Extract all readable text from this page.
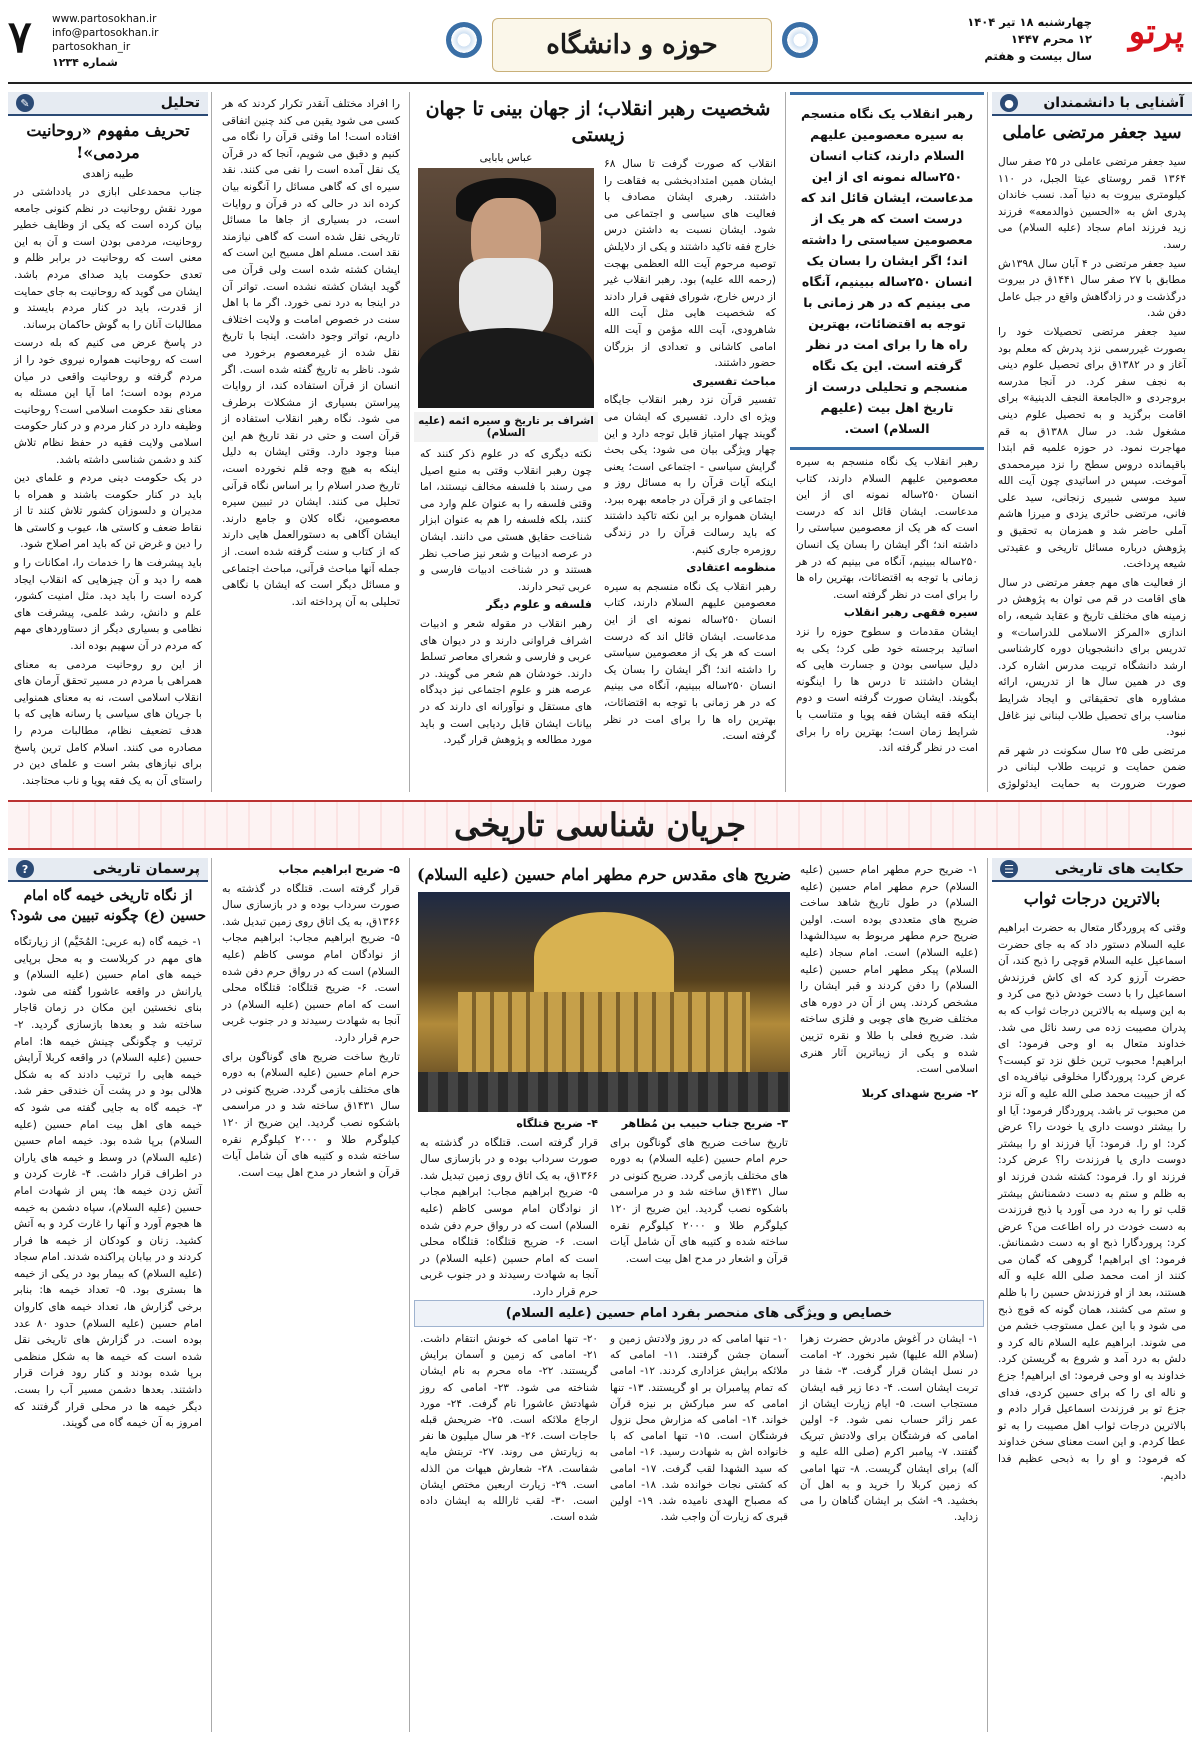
پرتو
چهارشنبه ۱۸ تیر ۱۴۰۴
۱۲ محرم ۱۴۴۷
سال بیست و هفتم
حوزه و دانشگاه
www.partosokhan.ir
info@partosokhan.ir
partosokhan_ir
شماره ۱۲۳۴
۷
آشنایی با دانشمندان
●
سید جعفر مرتضی عاملی

سید جعفر مرتضی عاملی در ۲۵ صفر سال ۱۳۶۴ قمر روستای عیتا الجبل، در ۱۱۰ کیلومتری بیروت به دنیا آمد. نسب خاندان پدری اش به «الحسین ذوالدمعه» فرزند زید فرزند امام سجاد (علیه السلام) می رسد.

سید جعفر مرتضی در ۴ آبان سال ۱۳۹۸ش مطابق با ۲۷ صفر سال ۱۴۴۱ق در بیروت درگذشت و در زادگاهش واقع در جبل عامل دفن شد.

سید جعفر مرتضی تحصیلات خود را بصورت غیررسمی نزد پدرش که معلم بود آغاز و در ۱۳۸۲ق برای تحصیل علوم دینی به نجف سفر کرد. در آنجا مدرسه بروجردی و «الجامعة النجف الدینیة» برای اقامت برگزید و به تحصیل علوم دینی مشغول شد. در سال ۱۳۸۸ق به قم مهاجرت نمود. در حوزه علمیه قم ابتدا باقیمانده دروس سطح را نزد میرمحمدی آموخت. سپس در اساتیدی چون آیت الله سید موسی شبیری زنجانی، سید علی فانی، مرتضی حائری یزدی و میرزا هاشم آملی حاضر شد و همزمان به تحقیق و پژوهش درباره مسائل تاریخی و عقیدتی شیعه پرداخت.

از فعالیت های مهم جعفر مرتضی در سال های اقامت در قم می توان به پژوهش در زمینه های مختلف تاریخ و عقاید شیعه، راه اندازی «المرکز الاسلامی للدراسات» و تدریس برای دانشجویان دوره کارشناسی ارشد دانشگاه تربیت مدرس اشاره کرد. وی در همین سال ها از تدریس، ارائه مشاوره های تحقیقاتی و ایجاد شرایط مناسب برای تحصیل طلاب لبنانی نیز غافل نبود.

مرتضی طی ۲۵ سال سکونت در شهر قم ضمن حمایت و تربیت طلاب لبنانی در صورت ضرورت به حمایت ایدئولوژی

رهبر انقلاب یک نگاه منسجم به سیره معصومین علیهم السلام دارند، کتاب انسان ۲۵۰ساله نمونه ای از این مدعاست، ایشان قائل اند که درست است که هر یک از معصومین سیاستی را داشته اند؛ اگر ایشان را بسان یک انسان ۲۵۰ساله ببینیم، آنگاه می بینیم که در هر زمانی با توجه به اقتضائات، بهترین راه ها را برای امت در نظر گرفته است. این یک نگاه منسجم و تحلیلی درست از تاریخ اهل بیت (علیهم السلام) است.

رهبر انقلاب یک نگاه منسجم به سیره معصومین علیهم السلام دارند، کتاب انسان ۲۵۰ساله نمونه ای از این مدعاست. ایشان قائل اند که درست است که هر یک از معصومین سیاستی را داشته اند؛ اگر ایشان را بسان یک انسان ۲۵۰ساله ببینیم، آنگاه می بینیم که در هر زمانی با توجه به اقتضائات، بهترین راه ها را برای امت در نظر گرفته است.

سیره فقهی رهبر انقلاب

ایشان مقدمات و سطوح حوزه را نزد اساتید برجسته خود طی کرد؛ یکی به دلیل سیاسی بودن و جسارت هایی که ایشان داشتند تا درس ها را اینگونه بگویند. ایشان صورت گرفته است و دوم اینکه فقه ایشان فقه پویا و متناسب با شرایط زمان است؛ بهترین راه را برای امت در نظر گرفته اند.

شخصیت رهبر انقلاب؛ از جهان بینی تا جهان زیستی

انقلاب که صورت گرفت تا سال ۶۸ ایشان همین امتدادبخشی به فقاهت را داشتند. رهبری ایشان مصادف با فعالیت های سیاسی و اجتماعی می شود. ایشان نسبت به داشتن درس خارج فقه تاکید داشتند و یکی از دلایلش توصیه مرحوم آیت الله العظمی بهجت (رحمه الله علیه) بود. رهبر انقلاب غیر از درس خارج، شورای فقهی قرار دادند که شخصیت هایی مثل آیت الله شاهرودی، آیت الله مؤمن و آیت الله امامی کاشانی و تعدادی از بزرگان حضور داشتند.

مباحث تفسیری

تفسیر قرآن نزد رهبر انقلاب جایگاه ویژه ای دارد. تفسیری که ایشان می گویند چهار امتیاز قابل توجه دارد و این چهار ویژگی بیان می شود: یکی بحث گرایش سیاسی - اجتماعی است؛ یعنی اینکه آیات قرآن را به مسائل روز و اجتماعی و از قرآن در جامعه بهره ببرد. ایشان همواره بر این نکته تاکید داشتند که باید رسالت قرآن را در زندگی روزمره جاری کنیم.

منظومه اعتقادی

رهبر انقلاب یک نگاه منسجم به سیره معصومین علیهم السلام دارند، کتاب انسان ۲۵۰ساله نمونه ای از این مدعاست. ایشان قائل اند که درست است که هر یک از معصومین سیاستی را داشته اند؛ اگر ایشان را بسان یک انسان ۲۵۰ساله ببینیم، آنگاه می بینیم که در هر زمانی با توجه به اقتضائات، بهترین راه ها را برای امت در نظر گرفته است.

عباس بابایی
اشراف بر تاریخ و سیره ائمه (علیه السلام)

نکته دیگری که در علوم ذکر کنند که چون رهبر انقلاب وقتی به منبع اصیل می رسند با فلسفه مخالف نیستند، اما وقتی فلسفه را به عنوان علم وارد می کنند، بلکه فلسفه را هم به عنوان ابزار شناخت حقایق هستی می دانند. ایشان در عرصه ادبیات و شعر نیز صاحب نظر هستند و در شناخت ادبیات فارسی و عربی تبحر دارند.

فلسفه و علوم دیگر

رهبر انقلاب در مقوله شعر و ادبیات اشراف فراوانی دارند و در دیوان های عربی و فارسی و شعرای معاصر تسلط دارند. خودشان هم شعر می گویند. در عرصه هنر و علوم اجتماعی نیز دیدگاه های مستقل و نوآورانه ای دارند که در بیانات ایشان قابل ردیابی است و باید مورد مطالعه و پژوهش قرار گیرد.

را افراد مختلف آنقدر تکرار کردند که هر کسی می شود یقین می کند چنین اتفاقی افتاده است! اما وقتی قرآن را نگاه می کنیم و دقیق می شویم، آنجا که در قرآن یک نقل آمده است را نفی می کنند. نقد سیره ای که گاهی مسائل را آنگونه بیان کرده اند در حالی که در قرآن و روایات است، در بسیاری از جاها ما مسائل تاریخی نقل شده است که گاهی نیازمند نقد است. مسلم اهل مسیح این است که ایشان کشته شده است ولی قرآن می گوید ایشان کشته نشده است. تواتر آن در اینجا به درد نمی خورد. اگر ما با اهل سنت در خصوص امامت و ولایت اختلاف داریم، تواتر وجود داشت. اینجا با تاریخ نقل شده از غیرمعصوم برخورد می شود. ناظر به تاریخ گفته شده است. اگر انسان از قرآن استفاده کند، از روایات پیراستن بسیاری از مشکلات برطرف می شود. نگاه رهبر انقلاب استفاده از قرآن است و حتی در نقد تاریخ هم این مبنا وجود دارد. وقتی ایشان به دلیل اینکه به هیچ وجه قلم نخورده است، تاریخ صدر اسلام را بر اساس نگاه قرآنی تحلیل می کنند. ایشان در تبیین سیره معصومین، نگاه کلان و جامع دارند. ایشان آگاهی به دستورالعمل هایی دارند که از کتاب و سنت گرفته شده است. از جمله آنها مباحث قرآنی، مباحث اجتماعی و مسائل دیگر است که ایشان با نگاهی تحلیلی به آن پرداخته اند.
تحلیل
✎
تحریف مفهوم «روحانیت مردمی»!
طیبه زاهدی

جناب محمدعلی ابازی در یادداشتی در مورد نقش روحانیت در نظم کنونی جامعه بیان کرده است که یکی از وظایف خطیر روحانیت، مردمی بودن است و آن به این معنی است که روحانیت در برابر ظلم و تعدی حکومت باید صدای مردم باشد. ایشان می گوید که روحانیت به جای حمایت از قدرت، باید در کنار مردم بایستد و مطالبات آنان را به گوش حاکمان برساند.

در پاسخ عرض می کنیم که بله درست است که روحانیت همواره نیروی خود را از مردم گرفته و روحانیت واقعی در میان مردم بوده است؛ اما آیا این مسئله به معنای نقد حکومت اسلامی است؟ روحانیت وظیفه دارد در کنار مردم و در کنار حکومت اسلامی ولایت فقیه در حفظ نظام تلاش کند و دشمن شناسی داشته باشد.

در یک حکومت دینی مردم و علمای دین باید در کنار حکومت باشند و همراه با مدیران و دلسوزان کشور تلاش کنند تا از نقاط ضعف و کاستی ها، عیوب و کاستی ها را دین و غرض تن که باید امر اصلاح شود.

باید پیشرفت ها را خدمات را، امکانات را و همه را دید و آن چیزهایی که انقلاب ایجاد کرده است را باید دید. مثل امنیت کشور، علم و دانش، رشد علمی، پیشرفت های نظامی و بسیاری دیگر از دستاوردهای مهم که مردم در آن سهیم بوده اند.

از این رو روحانیت مردمی به معنای همراهی با مردم در مسیر تحقق آرمان های انقلاب اسلامی است، نه به معنای همنوایی با جریان های سیاسی یا رسانه هایی که با هدف تضعیف نظام، مطالبات مردم را مصادره می کنند. اسلام کامل ترین پاسخ برای نیازهای بشر است و علمای دین در راستای آن به یک فقه پویا و ناب محتاجند.

جریان شناسی تاریخی
حکایت های تاریخی
☰
بالاترین درجات ثواب
وقتی که پروردگار متعال به حضرت ابراهیم علیه السلام دستور داد که به جای حضرت اسماعیل علیه السلام قوچی را ذبح کند، آن حضرت آرزو کرد که ای کاش فرزندش اسماعیل را با دست خودش ذبح می کرد و به این وسیله به بالاترین درجات ثواب که به پدران مصیبت زده می رسد نائل می شد. خداوند متعال به او وحی فرمود: ای ابراهیم! محبوب ترین خلق نزد تو کیست؟ عرض کرد: پروردگارا مخلوقی نیافریده ای که از حبیبت محمد صلی الله علیه و آله نزد من محبوب تر باشد. پروردگار فرمود: آیا او را بیشتر دوست داری یا خودت را؟ عرض کرد: او را. فرمود: آیا فرزند او را بیشتر دوست داری یا فرزندت را؟ عرض کرد: فرزند او را. فرمود: کشته شدن فرزند او به ظلم و ستم به دست دشمنانش بیشتر قلب تو را به درد می آورد یا ذبح فرزندت به دست خودت در راه اطاعت من؟ عرض کرد: پروردگارا ذبح او به دست دشمنانش. فرمود: ای ابراهیم! گروهی که گمان می کنند از امت محمد صلی الله علیه و آله هستند، بعد از او فرزندش حسین را با ظلم و ستم می کشند، همان گونه که قوچ ذبح می شود و با این عمل مستوجب خشم من می شوند. ابراهیم علیه السلام ناله کرد و دلش به درد آمد و شروع به گریستن کرد. خداوند به او وحی فرمود: ای ابراهیم! جزع و ناله ای را که برای حسین کردی، فدای جزع تو بر فرزندت اسماعیل قرار دادم و بالاترین درجات ثواب اهل مصیبت را به تو عطا کردم. و این است معنای سخن خداوند که فرمود: و او را به ذبحی عظیم فدا دادیم.
۱- ضریح حرم مطهر امام حسین (علیه السلام) حرم مطهر امام حسین (علیه السلام) در طول تاریخ شاهد ساخت ضریح های متعددی بوده است. اولین ضریح حرم مطهر مربوط به سیدالشهدا (علیه السلام) است. امام سجاد (علیه السلام) پیکر مطهر امام حسین (علیه السلام) را دفن کردند و قبر ایشان را مشخص کردند. پس از آن در دوره های مختلف ضریح های چوبی و فلزی ساخته شد. ضریح فعلی با طلا و نقره تزیین شده و یکی از زیباترین آثار هنری اسلامی است.

۲- ضریح شهدای کربلا

ضریح های مقدس حرم مطهر امام حسین (علیه السلام)

۳- ضریح جناب حبیب بن مُظاهر

تاریخ ساخت ضریح های گوناگون برای حرم امام حسین (علیه السلام) به دوره های مختلف بازمی گردد. ضریح کنونی در سال ۱۴۳۱ق ساخته شد و در مراسمی باشکوه نصب گردید. این ضریح از ۱۲۰ کیلوگرم طلا و ۲۰۰۰ کیلوگرم نقره ساخته شده و کتیبه های آن شامل آیات قرآن و اشعار در مدح اهل بیت است.

۴- ضریح قتلگاه

قرار گرفته است. قتلگاه در گذشته به صورت سرداب بوده و در بازسازی سال ۱۳۶۶ق، به یک اتاق روی زمین تبدیل شد. ۵- ضریح ابراهیم مجاب: ابراهیم مجاب از نوادگان امام موسی کاظم (علیه السلام) است که در رواق حرم دفن شده است. ۶- ضریح قتلگاه: قتلگاه محلی است که امام حسین (علیه السلام) در آنجا به شهادت رسیدند و در جنوب غربی حرم قرار دارد.

خصایص و ویژگی های منحصر بفرد امام حسین (علیه السلام)
۱- ایشان در آغوش مادرش حضرت زهرا (سلام الله علیها) شیر نخورد. ۲- امامت در نسل ایشان قرار گرفت. ۳- شفا در تربت ایشان است. ۴- دعا زیر قبه ایشان مستجاب است. ۵- ایام زیارت ایشان از عمر زائر حساب نمی شود. ۶- اولین امامی که فرشتگان برای ولادتش تبریک گفتند. ۷- پیامبر اکرم (صلی الله علیه و آله) برای ایشان گریست. ۸- تنها امامی که زمین کربلا را خرید و به اهل آن بخشید. ۹- اشک بر ایشان گناهان را می زداید.
۱۰- تنها امامی که در روز ولادتش زمین و آسمان جشن گرفتند. ۱۱- امامی که ملائکه برایش عزاداری کردند. ۱۲- امامی که تمام پیامبران بر او گریستند. ۱۳- تنها امامی که سر مبارکش بر نیزه قرآن خواند. ۱۴- امامی که مزارش محل نزول فرشتگان است. ۱۵- تنها امامی که با خانواده اش به شهادت رسید. ۱۶- امامی که سید الشهدا لقب گرفت. ۱۷- امامی که کشتی نجات خوانده شد. ۱۸- امامی که مصباح الهدی نامیده شد. ۱۹- اولین قبری که زیارت آن واجب شد.
۲۰- تنها امامی که خونش انتقام داشت. ۲۱- امامی که زمین و آسمان برایش گریستند. ۲۲- ماه محرم به نام ایشان شناخته می شود. ۲۳- امامی که روز شهادتش عاشورا نام گرفت. ۲۴- مورد ارجاع ملائکه است. ۲۵- ضریحش قبله حاجات است. ۲۶- هر سال میلیون ها نفر به زیارتش می روند. ۲۷- تربتش مایه شفاست. ۲۸- شعارش هیهات من الذله است. ۲۹- زیارت اربعین مختص ایشان است. ۳۰- لقب ثارالله به ایشان داده شده است.

۵- ضریح ابراهیم مجاب

قرار گرفته است. قتلگاه در گذشته به صورت سرداب بوده و در بازسازی سال ۱۳۶۶ق، به یک اتاق روی زمین تبدیل شد. ۵- ضریح ابراهیم مجاب: ابراهیم مجاب از نوادگان امام موسی کاظم (علیه السلام) است که در رواق حرم دفن شده است. ۶- ضریح قتلگاه: قتلگاه محلی است که امام حسین (علیه السلام) در آنجا به شهادت رسیدند و در جنوب غربی حرم قرار دارد.

تاریخ ساخت ضریح های گوناگون برای حرم امام حسین (علیه السلام) به دوره های مختلف بازمی گردد. ضریح کنونی در سال ۱۴۳۱ق ساخته شد و در مراسمی باشکوه نصب گردید. این ضریح از ۱۲۰ کیلوگرم طلا و ۲۰۰۰ کیلوگرم نقره ساخته شده و کتیبه های آن شامل آیات قرآن و اشعار در مدح اهل بیت است.

پرسمان تاریخی
?
از نگاه تاریخی خیمه گاه امام حسین (ع) چگونه تبیین می شود؟
۱- خیمه گاه (به عربی: المُخَیَّم) از زیارتگاه های مهم در کربلاست و به محل برپایی خیمه های امام حسین (علیه السلام) و یارانش در واقعه عاشورا گفته می شود. بنای نخستین این مکان در زمان قاجار ساخته شد و بعدها بازسازی گردید. ۲- ترتیب و چگونگی چینش خیمه ها: امام حسین (علیه السلام) در واقعه کربلا آرایش خیمه هایی را ترتیب دادند که به شکل هلالی بود و در پشت آن خندقی حفر شد. ۳- خیمه گاه به جایی گفته می شود که خیمه های اهل بیت امام حسین (علیه السلام) برپا شده بود. خیمه امام حسین (علیه السلام) در وسط و خیمه های یاران در اطراف قرار داشت. ۴- غارت کردن و آتش زدن خیمه ها: پس از شهادت امام حسین (علیه السلام)، سپاه دشمن به خیمه ها هجوم آورد و آنها را غارت کرد و به آتش کشید. زنان و کودکان از خیمه ها فرار کردند و در بیابان پراکنده شدند. امام سجاد (علیه السلام) که بیمار بود در یکی از خیمه ها بستری بود. ۵- تعداد خیمه ها: بنابر برخی گزارش ها، تعداد خیمه های کاروان امام حسین (علیه السلام) حدود ۸۰ عدد بوده است. در گزارش های تاریخی نقل شده است که خیمه ها به شکل منظمی برپا شده بودند و کنار رود فرات قرار داشتند. بعدها دشمن مسیر آب را بست. دیگر خیمه ها در محلی قرار گرفتند که امروز به آن خیمه گاه می گویند.
